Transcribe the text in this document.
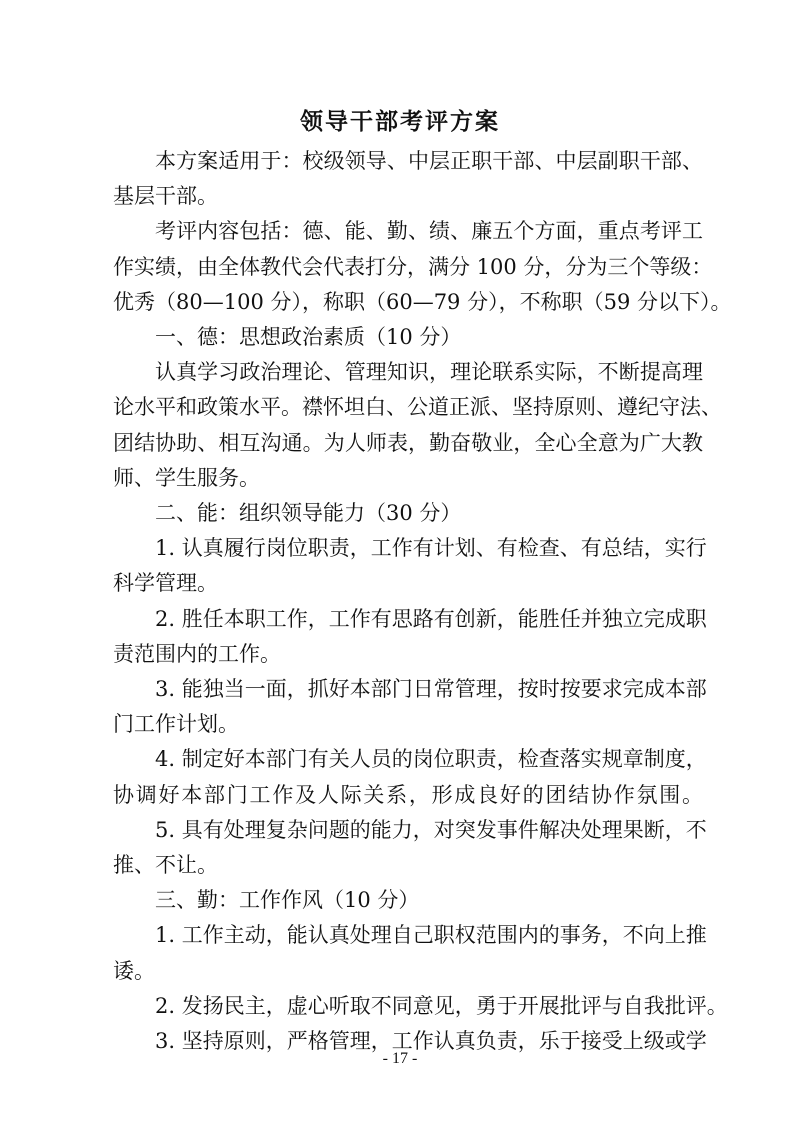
领导干部考评方案
本方案适用于：校级领导、中层正职干部、中层副职干部、
基层干部。
考评内容包括：德、能、勤、绩、廉五个方面，重点考评工
作实绩，由全体教代会代表打分，满分 100 分，分为三个等级：
优秀（80—100 分），称职（60—79 分），不称职（59 分以下）。
一、德：思想政治素质（10 分）
认真学习政治理论、管理知识，理论联系实际，不断提高理
论水平和政策水平。襟怀坦白、公道正派、坚持原则、遵纪守法、
团结协助、相互沟通。为人师表，勤奋敬业，全心全意为广大教
师、学生服务。
二、能：组织领导能力（30 分）
1. 认真履行岗位职责，工作有计划、有检查、有总结，实行
科学管理。
2. 胜任本职工作，工作有思路有创新，能胜任并独立完成职
责范围内的工作。
3. 能独当一面，抓好本部门日常管理，按时按要求完成本部
门工作计划。
4. 制定好本部门有关人员的岗位职责，检查落实规章制度，
协调好本部门工作及人际关系，形成良好的团结协作氛围。
5. 具有处理复杂问题的能力，对突发事件解决处理果断，不
推、不让。
三、勤：工作作风（10 分）
1. 工作主动，能认真处理自己职权范围内的事务，不向上推
诿。
2. 发扬民主，虚心听取不同意见，勇于开展批评与自我批评。
3. 坚持原则，严格管理，工作认真负责，乐于接受上级或学
- 17 -
